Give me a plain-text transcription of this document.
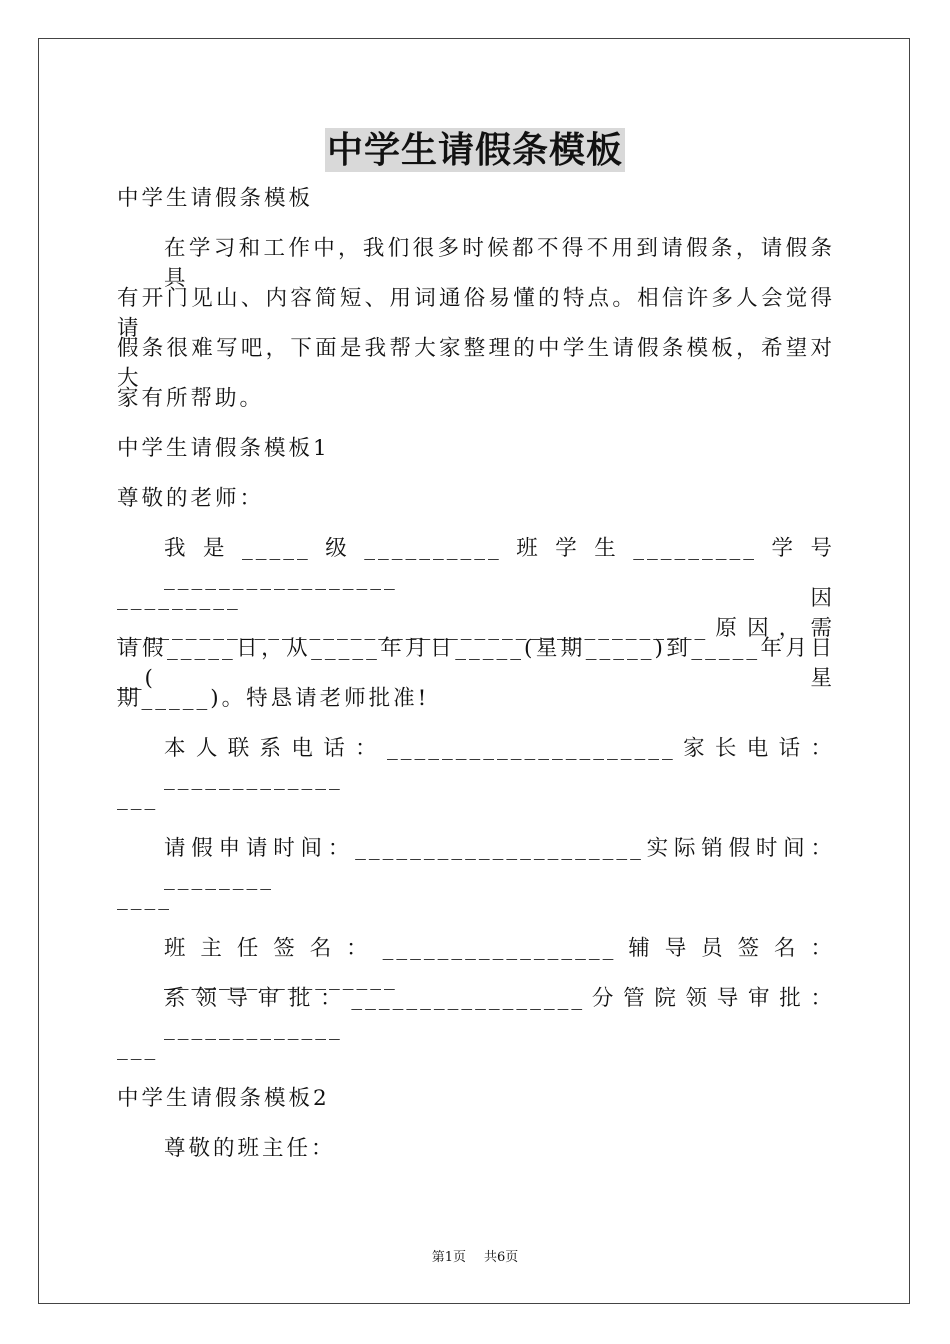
中学生请假条模板
中学生请假条模板
在学习和工作中，我们很多时候都不得不用到请假条，请假条具
有开门见山、内容简短、用词通俗易懂的特点。相信许多人会觉得请
假条很难写吧，下面是我帮大家整理的中学生请假条模板，希望对大
家有所帮助。
中学生请假条模板1
尊敬的老师：
我是_____级__________班学生_________学号_________________
_________因___________________________________________原因，需
请假_____日，从_____年月日_____(星期_____)到_____年月日__(星
期_____)。特恳请老师批准!
本人联系电话：_____________________家长电话：_____________
___
请假申请时间：_____________________实际销假时间：________
____
班主任签名：_________________辅导员签名：_________________
系领导审批：_________________分管院领导审批：_____________
___
中学生请假条模板2
尊敬的班主任：
第1页 共6页
